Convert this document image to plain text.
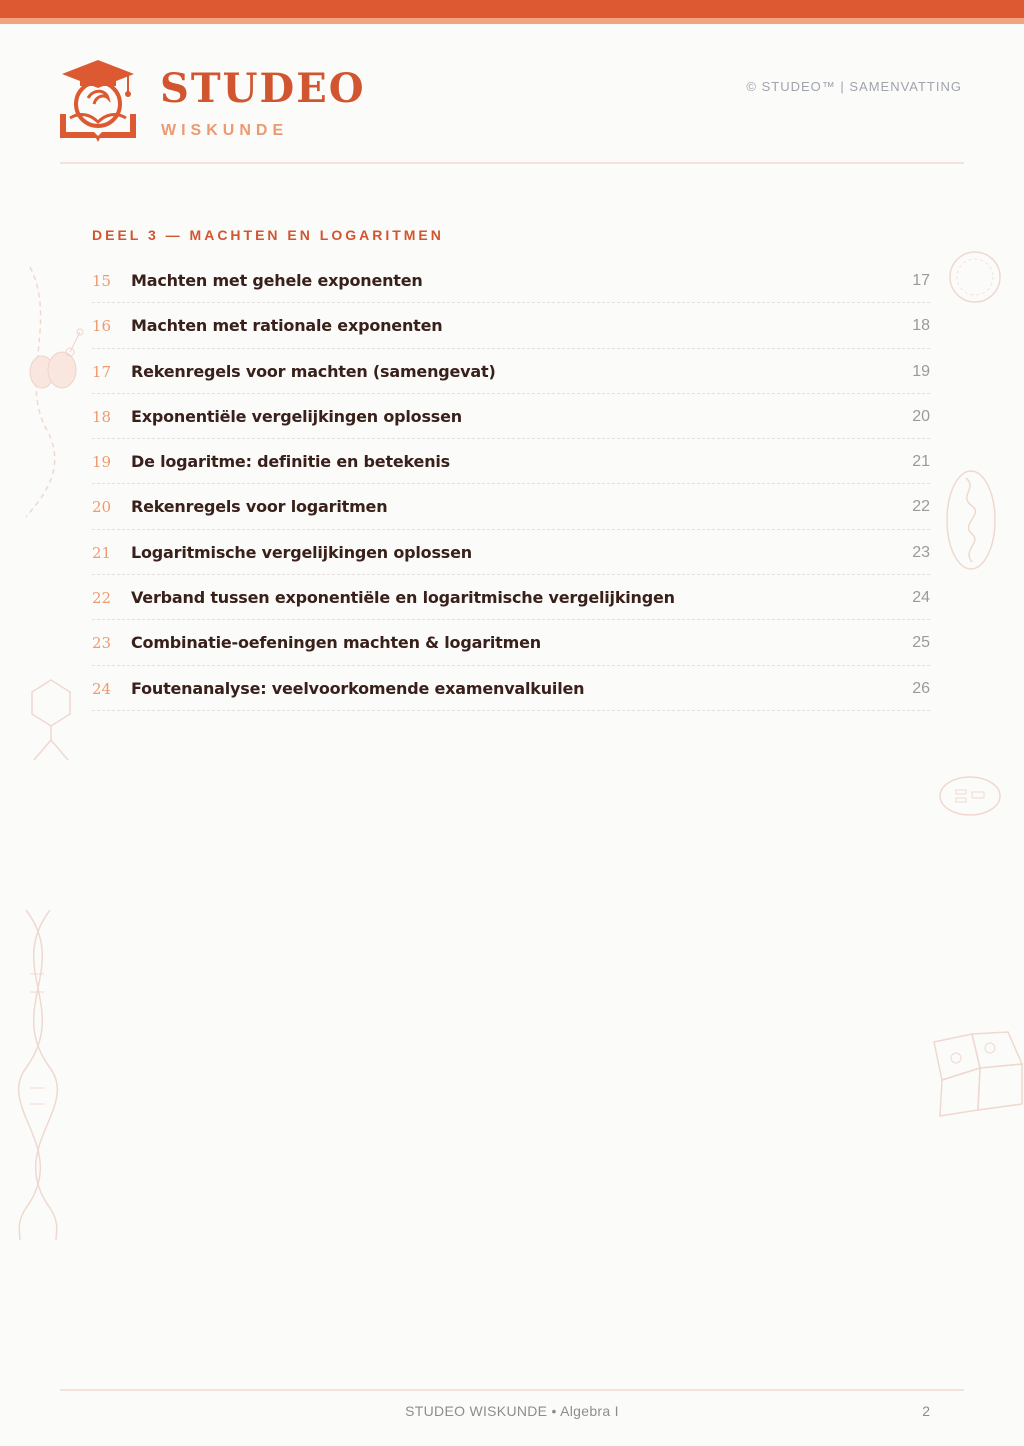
STUDEO
WISKUNDE
© STUDEO™ | SAMENVATTING
DEEL 3 — MACHTEN EN LOGARITMEN
15 Machten met gehele exponenten	17
16 Machten met rationale exponenten	18
17 Rekenregels voor machten (samengevat)	19
18 Exponentiële vergelijkingen oplossen	20
19 De logaritme: definitie en betekenis	21
20 Rekenregels voor logaritmen	22
21 Logaritmische vergelijkingen oplossen	23
22 Verband tussen exponentiële en logaritmische vergelijkingen	24
23 Combinatie-oefeningen machten & logaritmen	25
24 Foutenanalyse: veelvoorkomende examenvalkuilen	26
STUDEO WISKUNDE • Algebra I	2
